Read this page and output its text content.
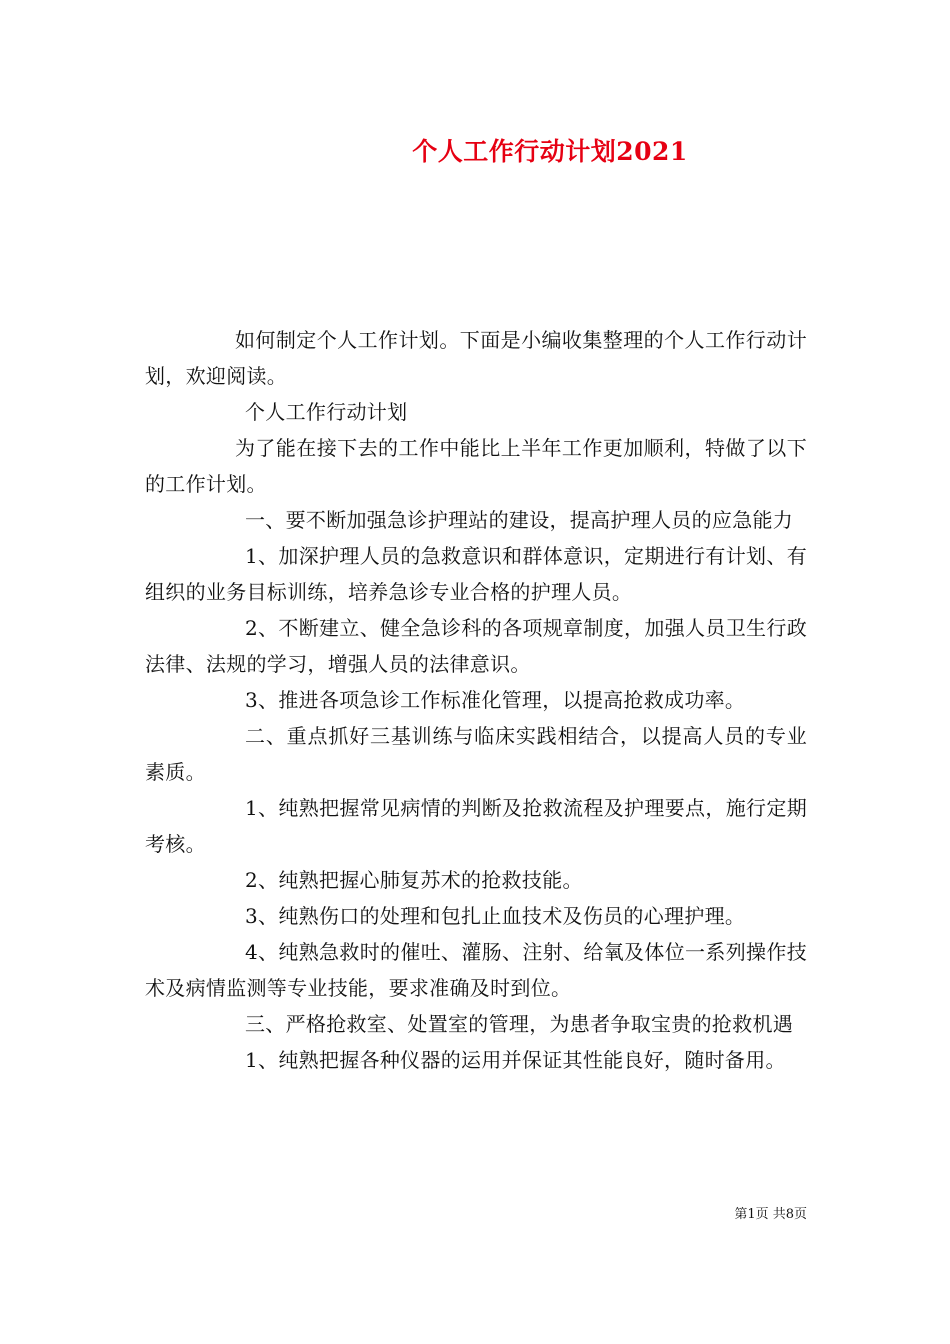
个人工作行动计划2021

如何制定个人工作计划。下面是小编收集整理的个人工作行动计划，欢迎阅读。

个人工作行动计划

为了能在接下去的工作中能比上半年工作更加顺利，特做了以下的工作计划。

一、要不断加强急诊护理站的建设，提高护理人员的应急能力

1、加深护理人员的急救意识和群体意识，定期进行有计划、有组织的业务目标训练，培养急诊专业合格的护理人员。

2、不断建立、健全急诊科的各项规章制度，加强人员卫生行政法律、法规的学习，增强人员的法律意识。

3、推进各项急诊工作标准化管理，以提高抢救成功率。

二、重点抓好三基训练与临床实践相结合，以提高人员的专业素质。

1、纯熟把握常见病情的判断及抢救流程及护理要点，施行定期考核。

2、纯熟把握心肺复苏术的抢救技能。

3、纯熟伤口的处理和包扎止血技术及伤员的心理护理。

4、纯熟急救时的催吐、灌肠、注射、给氧及体位一系列操作技术及病情监测等专业技能，要求准确及时到位。

三、严格抢救室、处置室的管理，为患者争取宝贵的抢救机遇

1、纯熟把握各种仪器的运用并保证其性能良好，随时备用。

第1页 共8页
